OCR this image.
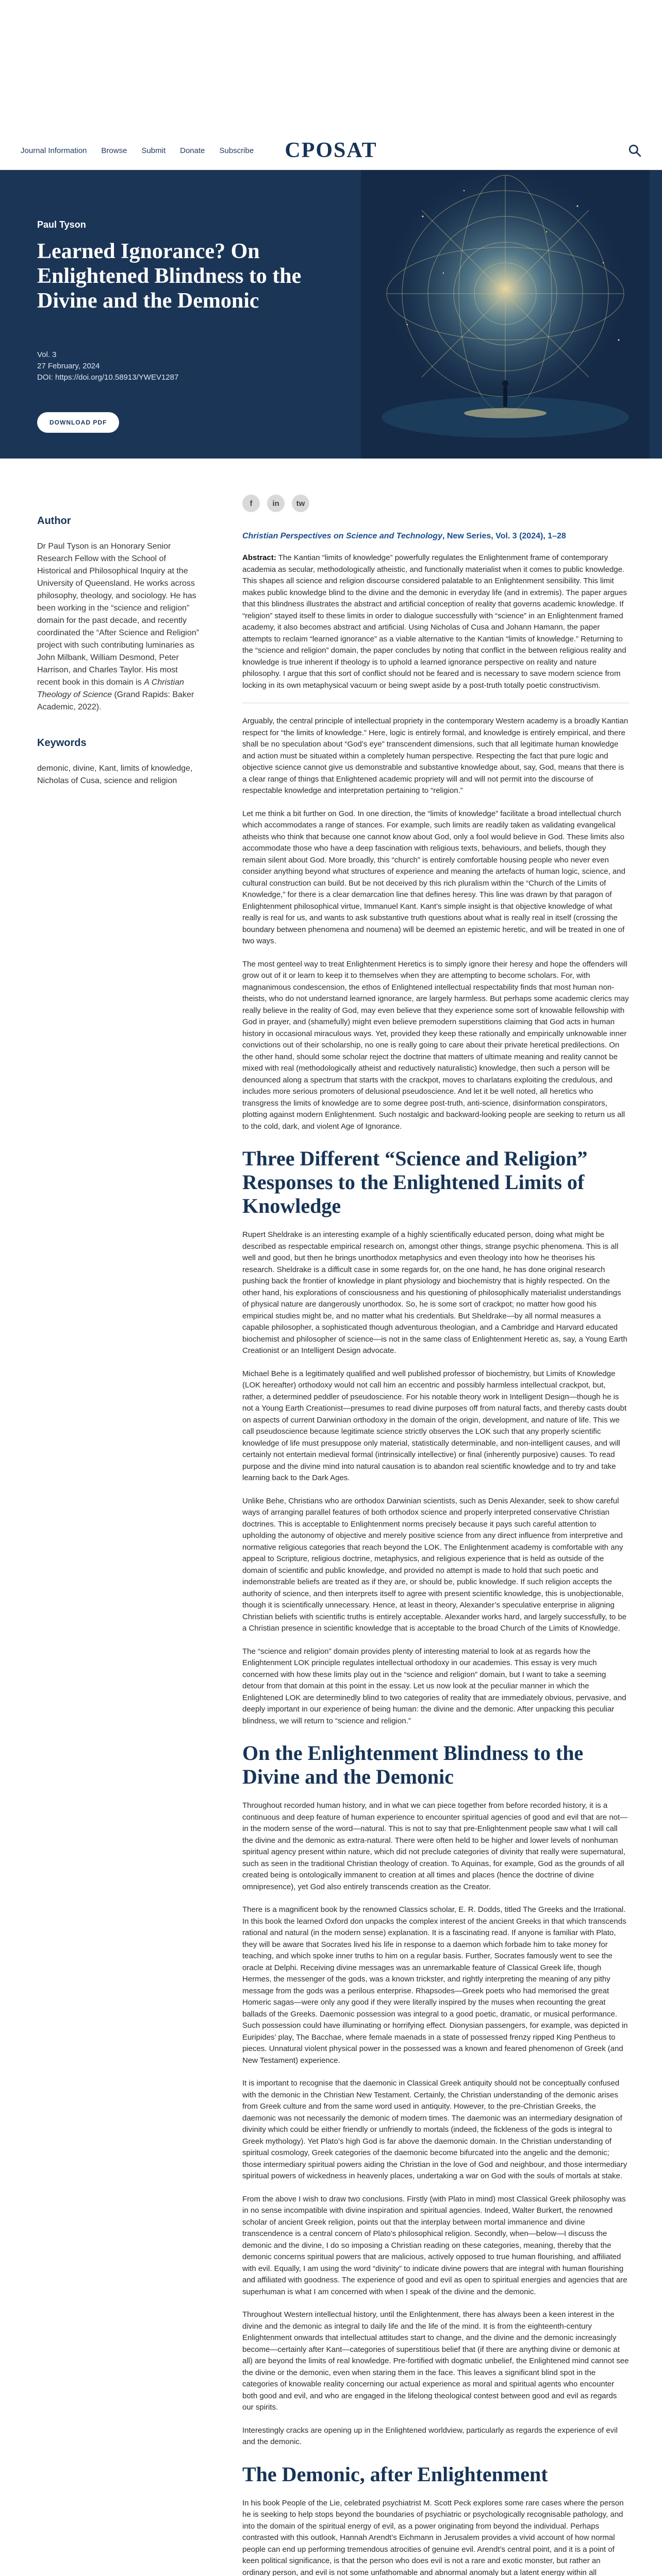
Journal Information Browse Submit Donate Subscribe CPOSAT
Paul Tyson
Learned Ignorance? On Enlightened Blindness to the Divine and the Demonic
Vol. 3
27 February, 2024
DOI: https://doi.org/10.58913/YWEV1287
DOWNLOAD PDF
Author

Dr Paul Tyson is an Honorary Senior Research Fellow with the School of Historical and Philosophical Inquiry at the University of Queensland. He works across philosophy, theology, and sociology. He has been working in the “science and religion” domain for the past decade, and recently coordinated the “After Science and Religion” project with such contributing luminaries as John Milbank, William Desmond, Peter Harrison, and Charles Taylor. His most recent book in this domain is A Christian Theology of Science (Grand Rapids: Baker Academic, 2022).

Keywords

demonic, divine, Kant, limits of knowledge, Nicholas of Cusa, science and religion

f	in	tw
Christian Perspectives on Science and Technology, New Series, Vol. 3 (2024), 1–28

Abstract: The Kantian “limits of knowledge” powerfully regulates the Enlightenment frame of contemporary academia as secular, methodologically atheistic, and functionally materialist when it comes to public knowledge. This shapes all science and religion discourse considered palatable to an Enlightenment sensibility. This limit makes public knowledge blind to the divine and the demonic in everyday life (and in extremis). The paper argues that this blindness illustrates the abstract and artificial conception of reality that governs academic knowledge. If “religion” stayed itself to these limits in order to dialogue successfully with “science” in an Enlightenment framed academy, it also becomes abstract and artificial. Using Nicholas of Cusa and Johann Hamann, the paper attempts to reclaim “learned ignorance” as a viable alternative to the Kantian “limits of knowledge.” Returning to the “science and religion” domain, the paper concludes by noting that conflict in the between religious reality and knowledge is true inherent if theology is to uphold a learned ignorance perspective on reality and nature philosophy. I argue that this sort of conflict should not be feared and is necessary to save modern science from locking in its own metaphysical vacuum or being swept aside by a post-truth totally poetic constructivism.

Arguably, the central principle of intellectual propriety in the contemporary Western academy is a broadly Kantian respect for “the limits of knowledge.” Here, logic is entirely formal, and knowledge is entirely empirical, and there shall be no speculation about “God’s eye” transcendent dimensions, such that all legitimate human knowledge and action must be situated within a completely human perspective. Respecting the fact that pure logic and objective science cannot give us demonstrable and substantive knowledge about, say, God, means that there is a clear range of things that Enlightened academic propriety will and will not permit into the discourse of respectable knowledge and interpretation pertaining to “religion.”

Let me think a bit further on God. In one direction, the “limits of knowledge” facilitate a broad intellectual church which accommodates a range of stances. For example, such limits are readily taken as validating evangelical atheists who think that because one cannot know about God, only a fool would believe in God. These limits also accommodate those who have a deep fascination with religious texts, behaviours, and beliefs, though they remain silent about God. More broadly, this “church” is entirely comfortable housing people who never even consider anything beyond what structures of experience and meaning the artefacts of human logic, science, and cultural construction can build. But be not deceived by this rich pluralism within the “Church of the Limits of Knowledge,” for there is a clear demarcation line that defines heresy. This line was drawn by that paragon of Enlightenment philosophical virtue, Immanuel Kant. Kant’s simple insight is that objective knowledge of what really is real for us, and wants to ask substantive truth questions about what is really real in itself (crossing the boundary between phenomena and noumena) will be deemed an epistemic heretic, and will be treated in one of two ways.

The most genteel way to treat Enlightenment Heretics is to simply ignore their heresy and hope the offenders will grow out of it or learn to keep it to themselves when they are attempting to become scholars. For, with magnanimous condescension, the ethos of Enlightened intellectual respectability finds that most human non-theists, who do not understand learned ignorance, are largely harmless. But perhaps some academic clerics may really believe in the reality of God, may even believe that they experience some sort of knowable fellowship with God in prayer, and (shamefully) might even believe premodern superstitions claiming that God acts in human history in occasional miraculous ways. Yet, provided they keep these rationally and empirically unknowable inner convictions out of their scholarship, no one is really going to care about their private heretical predilections. On the other hand, should some scholar reject the doctrine that matters of ultimate meaning and reality cannot be mixed with real (methodologically atheist and reductively naturalistic) knowledge, then such a person will be denounced along a spectrum that starts with the crackpot, moves to charlatans exploiting the credulous, and includes more serious promoters of delusional pseudoscience. And let it be well noted, all heretics who transgress the limits of knowledge are to some degree post-truth, anti-science, disinformation conspirators, plotting against modern Enlightenment. Such nostalgic and backward-looking people are seeking to return us all to the cold, dark, and violent Age of Ignorance.

Three Different “Science and Religion” Responses to the Enlightened Limits of Knowledge

Rupert Sheldrake is an interesting example of a highly scientifically educated person, doing what might be described as respectable empirical research on, amongst other things, strange psychic phenomena. This is all well and good, but then he brings unorthodox metaphysics and even theology into how he theorises his research. Sheldrake is a difficult case in some regards for, on the one hand, he has done original research pushing back the frontier of knowledge in plant physiology and biochemistry that is highly respected. On the other hand, his explorations of consciousness and his questioning of philosophically materialist understandings of physical nature are dangerously unorthodox. So, he is some sort of crackpot; no matter how good his empirical studies might be, and no matter what his credentials. But Sheldrake—by all normal measures a capable philosopher, a sophisticated though adventurous theologian, and a Cambridge and Harvard educated biochemist and philosopher of science—is not in the same class of Enlightenment Heretic as, say, a Young Earth Creationist or an Intelligent Design advocate.

Michael Behe is a legitimately qualified and well published professor of biochemistry, but Limits of Knowledge (LOK hereafter) orthodoxy would not call him an eccentric and possibly harmless intellectual crackpot, but, rather, a determined peddler of pseudoscience. For his notable theory work in Intelligent Design—though he is not a Young Earth Creationist—presumes to read divine purposes off from natural facts, and thereby casts doubt on aspects of current Darwinian orthodoxy in the domain of the origin, development, and nature of life. This we call pseudoscience because legitimate science strictly observes the LOK such that any properly scientific knowledge of life must presuppose only material, statistically determinable, and non-intelligent causes, and will certainly not entertain medieval formal (intrinsically intellective) or final (inherently purposive) causes. To read purpose and the divine mind into natural causation is to abandon real scientific knowledge and to try and take learning back to the Dark Ages.

Unlike Behe, Christians who are orthodox Darwinian scientists, such as Denis Alexander, seek to show careful ways of arranging parallel features of both orthodox science and properly interpreted conservative Christian doctrines. This is acceptable to Enlightenment norms precisely because it pays such careful attention to upholding the autonomy of objective and merely positive science from any direct influence from interpretive and normative religious categories that reach beyond the LOK. The Enlightenment academy is comfortable with any appeal to Scripture, religious doctrine, metaphysics, and religious experience that is held as outside of the domain of scientific and public knowledge, and provided no attempt is made to hold that such poetic and indemonstrable beliefs are treated as if they are, or should be, public knowledge. If such religion accepts the authority of science, and then interprets itself to agree with present scientific knowledge, this is unobjectionable, though it is scientifically unnecessary. Hence, at least in theory, Alexander’s speculative enterprise in aligning Christian beliefs with scientific truths is entirely acceptable. Alexander works hard, and largely successfully, to be a Christian presence in scientific knowledge that is acceptable to the broad Church of the Limits of Knowledge.

The “science and religion” domain provides plenty of interesting material to look at as regards how the Enlightenment LOK principle regulates intellectual orthodoxy in our academies. This essay is very much concerned with how these limits play out in the “science and religion” domain, but I want to take a seeming detour from that domain at this point in the essay. Let us now look at the peculiar manner in which the Enlightened LOK are determinedly blind to two categories of reality that are immediately obvious, pervasive, and deeply important in our experience of being human: the divine and the demonic. After unpacking this peculiar blindness, we will return to “science and religion.”

On the Enlightenment Blindness to the Divine and the Demonic

Throughout recorded human history, and in what we can piece together from before recorded history, it is a continuous and deep feature of human experience to encounter spiritual agencies of good and evil that are not—in the modern sense of the word—natural. This is not to say that pre-Enlightenment people saw what I will call the divine and the demonic as extra-natural. There were often held to be higher and lower levels of nonhuman spiritual agency present within nature, which did not preclude categories of divinity that really were supernatural, such as seen in the traditional Christian theology of creation. To Aquinas, for example, God as the grounds of all created being is ontologically immanent to creation at all times and places (hence the doctrine of divine omnipresence), yet God also entirely transcends creation as the Creator.

There is a magnificent book by the renowned Classics scholar, E. R. Dodds, titled The Greeks and the Irrational. In this book the learned Oxford don unpacks the complex interest of the ancient Greeks in that which transcends rational and natural (in the modern sense) explanation. It is a fascinating read. If anyone is familiar with Plato, they will be aware that Socrates lived his life in response to a daemon which forbade him to take money for teaching, and which spoke inner truths to him on a regular basis. Further, Socrates famously went to see the oracle at Delphi. Receiving divine messages was an unremarkable feature of Classical Greek life, though Hermes, the messenger of the gods, was a known trickster, and rightly interpreting the meaning of any pithy message from the gods was a perilous enterprise. Rhapsodes—Greek poets who had memorised the great Homeric sagas—were only any good if they were literally inspired by the muses when recounting the great ballads of the Greeks. Daemonic possession was integral to a good poetic, dramatic, or musical performance. Such possession could have illuminating or horrifying effect. Dionysian passengers, for example, was depicted in Euripides’ play, The Bacchae, where female maenads in a state of possessed frenzy ripped King Pentheus to pieces. Unnatural violent physical power in the possessed was a known and feared phenomenon of Greek (and New Testament) experience.

It is important to recognise that the daemonic in Classical Greek antiquity should not be conceptually confused with the demonic in the Christian New Testament. Certainly, the Christian understanding of the demonic arises from Greek culture and from the same word used in antiquity. However, to the pre-Christian Greeks, the daemonic was not necessarily the demonic of modern times. The daemonic was an intermediary designation of divinity which could be either friendly or unfriendly to mortals (indeed, the fickleness of the gods is integral to Greek mythology). Yet Plato’s high God is far above the daemonic domain. In the Christian understanding of spiritual cosmology, Greek categories of the daemonic become bifurcated into the angelic and the demonic; those intermediary spiritual powers aiding the Christian in the love of God and neighbour, and those intermediary spiritual powers of wickedness in heavenly places, undertaking a war on God with the souls of mortals at stake.

From the above I wish to draw two conclusions. Firstly (with Plato in mind) most Classical Greek philosophy was in no sense incompatible with divine inspiration and spiritual agencies. Indeed, Walter Burkert, the renowned scholar of ancient Greek religion, points out that the interplay between mortal immanence and divine transcendence is a central concern of Plato’s philosophical religion. Secondly, when—below—I discuss the demonic and the divine, I do so imposing a Christian reading on these categories, meaning, thereby that the demonic concerns spiritual powers that are malicious, actively opposed to true human flourishing, and affiliated with evil. Equally, I am using the word “divinity” to indicate divine powers that are integral with human flourishing and affiliated with goodness. The experience of good and evil as open to spiritual energies and agencies that are superhuman is what I am concerned with when I speak of the divine and the demonic.

Throughout Western intellectual history, until the Enlightenment, there has always been a keen interest in the divine and the demonic as integral to daily life and the life of the mind. It is from the eighteenth-century Enlightenment onwards that intellectual attitudes start to change, and the divine and the demonic increasingly become—certainly after Kant—categories of superstitious belief that (if there are anything divine or demonic at all) are beyond the limits of real knowledge. Pre-fortified with dogmatic unbelief, the Enlightened mind cannot see the divine or the demonic, even when staring them in the face. This leaves a significant blind spot in the categories of knowable reality concerning our actual experience as moral and spiritual agents who encounter both good and evil, and who are engaged in the lifelong theological contest between good and evil as regards our spirits.

Interestingly cracks are opening up in the Enlightened worldview, particularly as regards the experience of evil and the demonic.

The Demonic, after Enlightenment

In his book People of the Lie, celebrated psychiatrist M. Scott Peck explores some rare cases where the person he is seeking to help stops beyond the boundaries of psychiatric or psychologically recognisable pathology, and into the domain of the spiritual energy of evil, as a power originating from beyond the individual. Perhaps contrasted with this outlook, Hannah Arendt’s Eichmann in Jerusalem provides a vivid account of how normal people can end up performing tremendous atrocities of genuine evil. Arendt’s central point, and it is a point of keen political significance, is that the person who does evil is not a rare and exotic monster, but rather an ordinary person, and evil is not some unfathomable and abnormal anomaly but a latent energy within all
